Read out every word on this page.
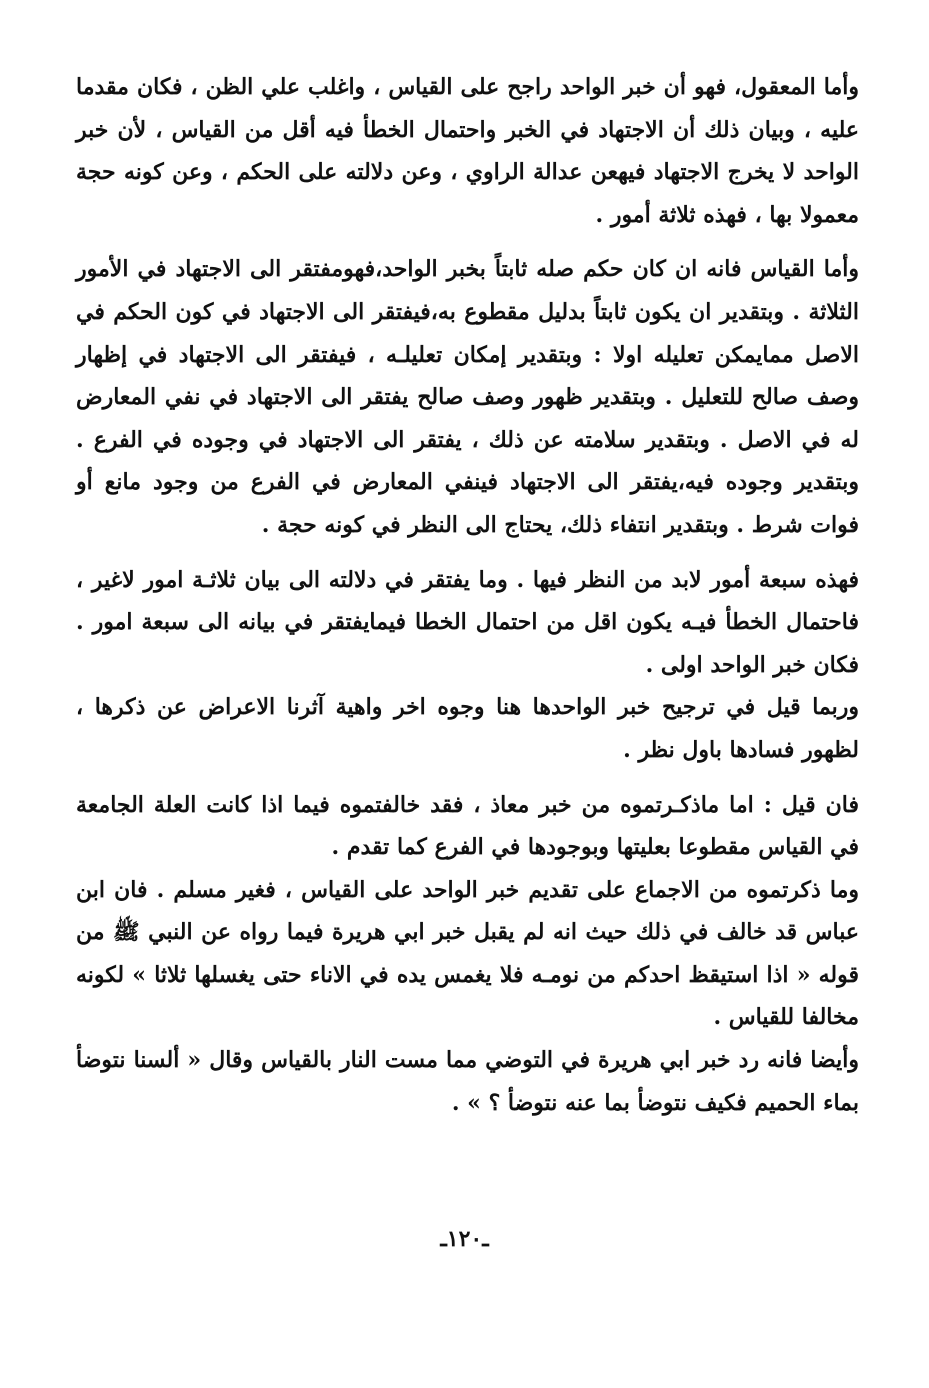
وأما المعقول، فهو أن خبر الواحد راجح على القياس ، واغلب علي الظن ، فكان مقدما عليه ، وبيان ذلك أن الاجتهاد في الخبر واحتمال الخطأ فيه أقل من القياس ، لأن خبر الواحد لا يخرج الاجتهاد فيهعن عدالة الراوي ، وعن دلالته على الحكم ، وعن كونه حجة معمولا بها ، فهذه ثلاثة أمور .

وأما القياس فانه ان كان حكم صله ثابتاً بخبر الواحد،فهومفتقر الى الاجتهاد في الأمور الثلاثة . وبتقدير ان يكون ثابتاً بدليل مقطوع به،فيفتقر الى الاجتهاد في كون الحكم في الاصل ممايمكن تعليله اولا : وبتقدير إمكان تعليلـه ، فيفتقر الى الاجتهاد في إظهار وصف صالح للتعليل . وبتقدير ظهور وصف صالح يفتقر الى الاجتهاد في نفي المعارض له في الاصل . وبتقدير سلامته عن ذلك ، يفتقر الى الاجتهاد في وجوده في الفرع . وبتقدير وجوده فيه،يفتقر الى الاجتهاد فينفي المعارض في الفرع من وجود مانع أو فوات شرط . وبتقدير انتفاء ذلك، يحتاج الى النظر في كونه حجة .

فهذه سبعة أمور لابد من النظر فيها . وما يفتقر في دلالته الى بيان ثلاثـة امور لاغير ، فاحتمال الخطأ فيـه يكون اقل من احتمال الخطا فيمايفتقر في بيانه الى سبعة امور . فكان خبر الواحد اولى .

وربما قيل في ترجيح خبر الواحدها هنا وجوه اخر واهية آثرنا الاعراض عن ذكرها ، لظهور فسادها باول نظر .

فان قيل : اما ماذكـرتموه من خبر معاذ ، فقد خالفتموه فيما اذا كانت العلة الجامعة في القياس مقطوعا بعليتها وبوجودها في الفرع كما تقدم .

وما ذكرتموه من الاجماع على تقديم خبر الواحد على القياس ، فغير مسلم . فان ابن عباس قد خالف في ذلك حيث انه لم يقبل خبر ابي هريرة فيما رواه عن النبي ﷺ من قوله « اذا استيقظ احدكم من نومـه فلا يغمس يده في الاناء حتى يغسلها ثلاثا » لكونه مخالفا للقياس .

وأيضا فانه رد خبر ابي هريرة في التوضي مما مست النار بالقياس وقال « ألسنا نتوضأ بماء الحميم فكيف نتوضأ بما عنه نتوضأ ؟ » .

ـ١٢٠ـ
